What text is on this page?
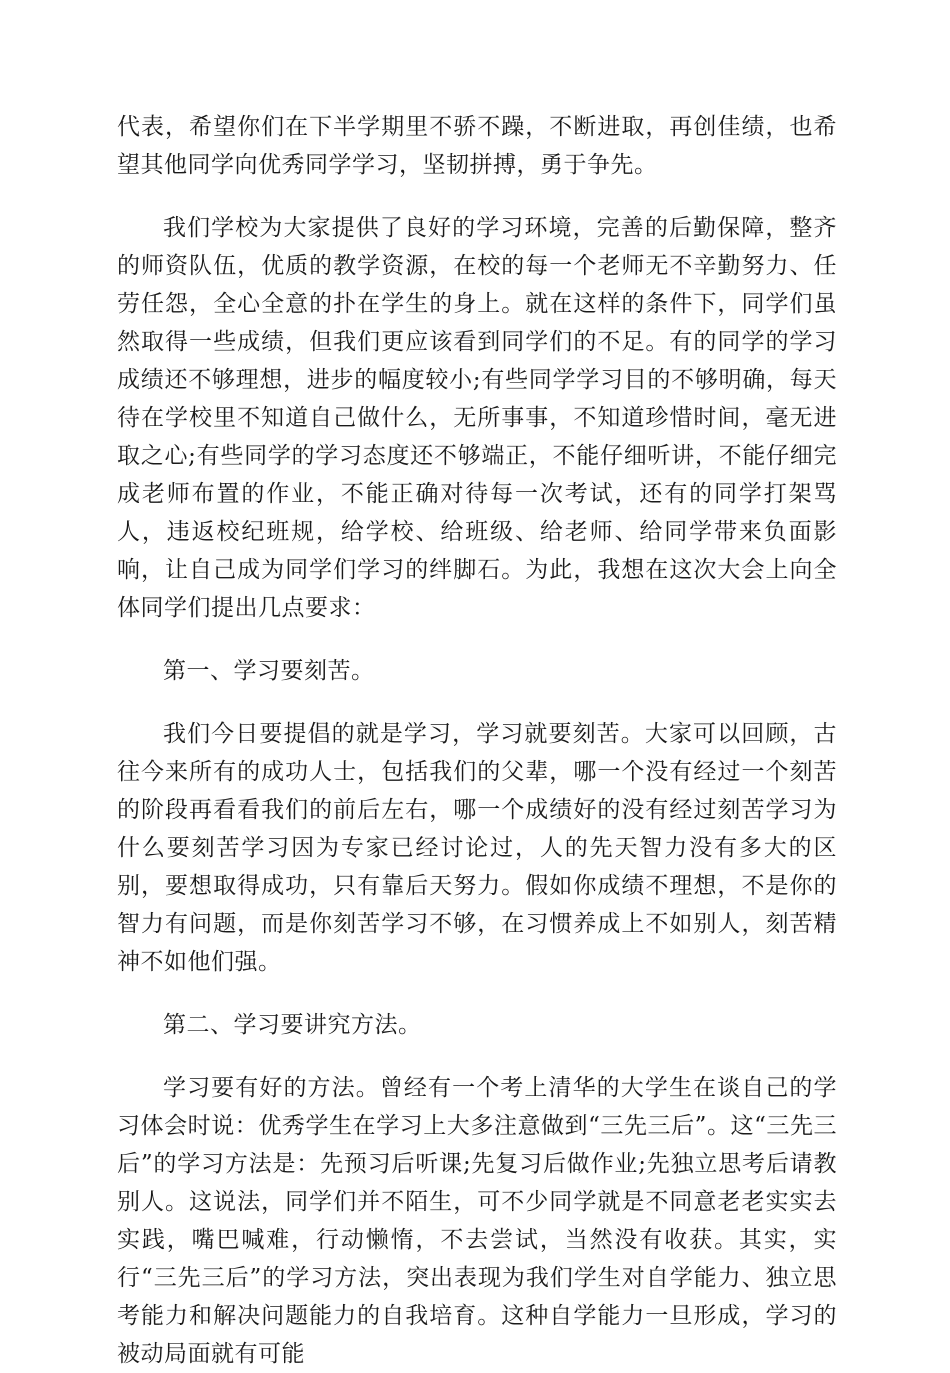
代表，希望你们在下半学期里不骄不躁，不断进取，再创佳绩，也希望其他同学向优秀同学学习，坚韧拼搏，勇于争先。

我们学校为大家提供了良好的学习环境，完善的后勤保障，整齐的师资队伍，优质的教学资源，在校的每一个老师无不辛勤努力、任劳任怨，全心全意的扑在学生的身上。就在这样的条件下，同学们虽然取得一些成绩，但我们更应该看到同学们的不足。有的同学的学习成绩还不够理想，进步的幅度较小;有些同学学习目的不够明确，每天待在学校里不知道自己做什么，无所事事，不知道珍惜时间，毫无进取之心;有些同学的学习态度还不够端正，不能仔细听讲，不能仔细完成老师布置的作业，不能正确对待每一次考试，还有的同学打架骂人，违返校纪班规，给学校、给班级、给老师、给同学带来负面影响，让自己成为同学们学习的绊脚石。为此，我想在这次大会上向全体同学们提出几点要求：

第一、学习要刻苦。

我们今日要提倡的就是学习，学习就要刻苦。大家可以回顾，古往今来所有的成功人士，包括我们的父辈，哪一个没有经过一个刻苦的阶段再看看我们的前后左右，哪一个成绩好的没有经过刻苦学习为什么要刻苦学习因为专家已经讨论过，人的先天智力没有多大的区别，要想取得成功，只有靠后天努力。假如你成绩不理想，不是你的智力有问题，而是你刻苦学习不够，在习惯养成上不如别人，刻苦精神不如他们强。

第二、学习要讲究方法。

学习要有好的方法。曾经有一个考上清华的大学生在谈自己的学习体会时说：优秀学生在学习上大多注意做到“三先三后”。这“三先三后”的学习方法是：先预习后听课;先复习后做作业;先独立思考后请教别人。这说法，同学们并不陌生，可不少同学就是不同意老老实实去实践，嘴巴喊难，行动懒惰，不去尝试，当然没有收获。其实，实行“三先三后”的学习方法，突出表现为我们学生对自学能力、独立思考能力和解决问题能力的自我培育。这种自学能力一旦形成，学习的被动局面就有可能
